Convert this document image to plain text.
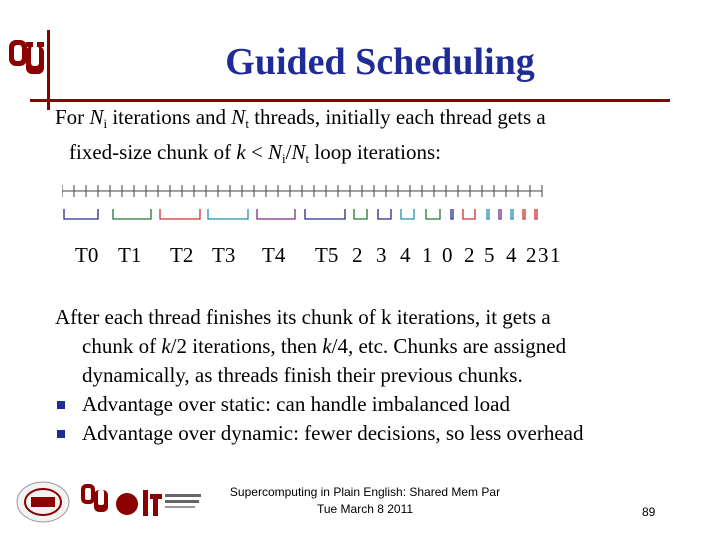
Guided Scheduling
For $N_i$ iterations and $N_t$ threads, initially each thread gets a
fixed-size chunk of $k < N_i/N_t$ loop iterations:
T0 T1 T2 T3 T4 T5 2 3 4 1 0 2 5 4 2 3 1
After each thread finishes its chunk of k iterations, it gets a
chunk of k/2 iterations, then k/4, etc. Chunks are assigned
dynamically, as threads finish their previous chunks.
Advantage over static: can handle imbalanced load
Advantage over dynamic: fewer decisions, so less overhead
Supercomputing in Plain English: Shared Mem Par
Tue March 8 2011	89
